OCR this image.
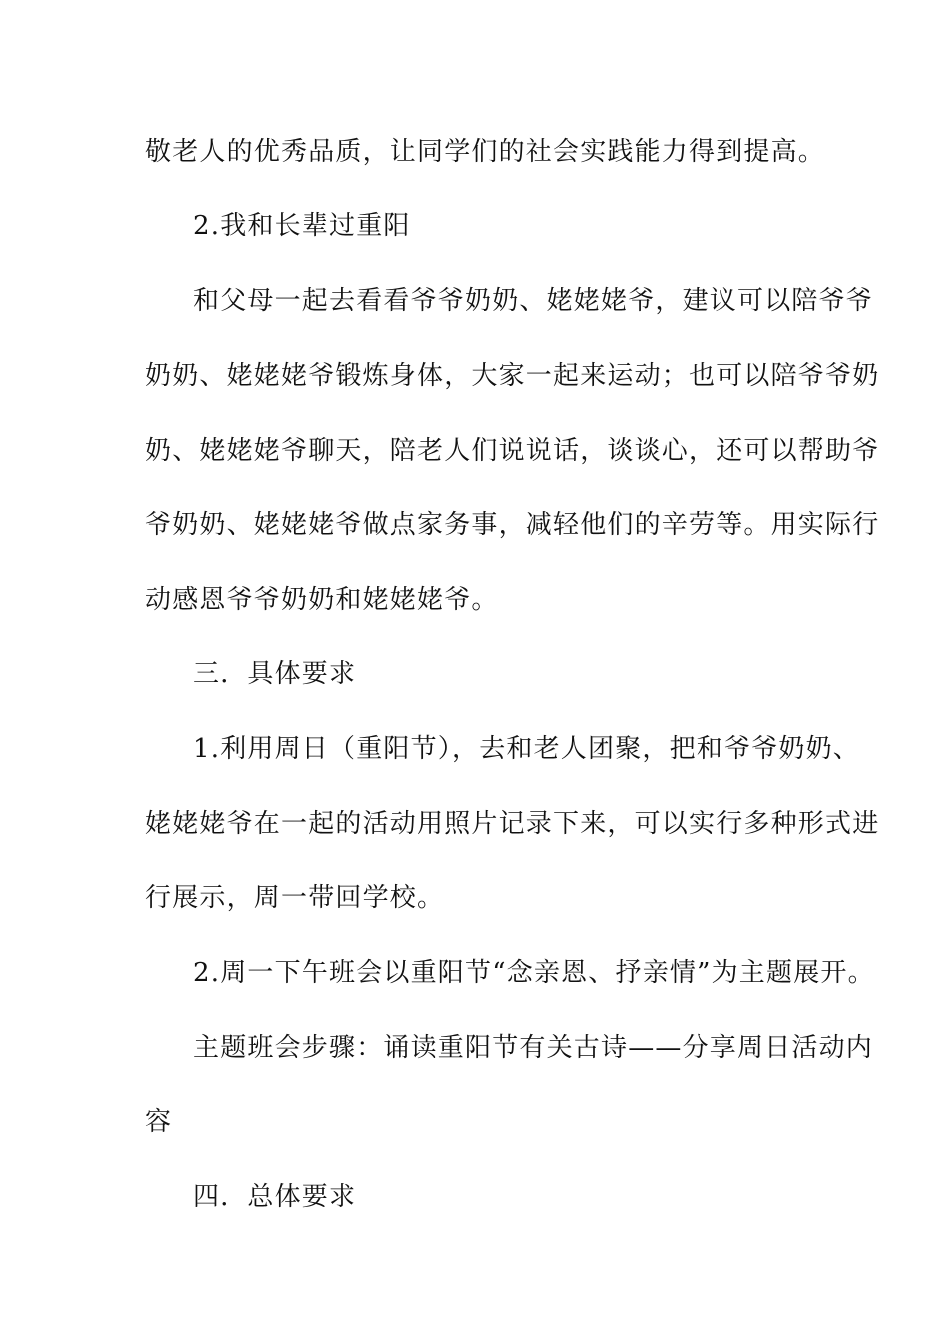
敬老人的优秀品质，让同学们的社会实践能力得到提高。
2.我和长辈过重阳
和父母一起去看看爷爷奶奶、姥姥姥爷，建议可以陪爷爷
奶奶、姥姥姥爷锻炼身体，大家一起来运动；也可以陪爷爷奶
奶、姥姥姥爷聊天，陪老人们说说话，谈谈心，还可以帮助爷
爷奶奶、姥姥姥爷做点家务事，减轻他们的辛劳等。用实际行
动感恩爷爷奶奶和姥姥姥爷。
三．具体要求
1.利用周日（重阳节），去和老人团聚，把和爷爷奶奶、
姥姥姥爷在一起的活动用照片记录下来，可以实行多种形式进
行展示，周一带回学校。
2.周一下午班会以重阳节“念亲恩、抒亲情”为主题展开。
主题班会步骤：诵读重阳节有关古诗——分享周日活动内
容
四．总体要求
